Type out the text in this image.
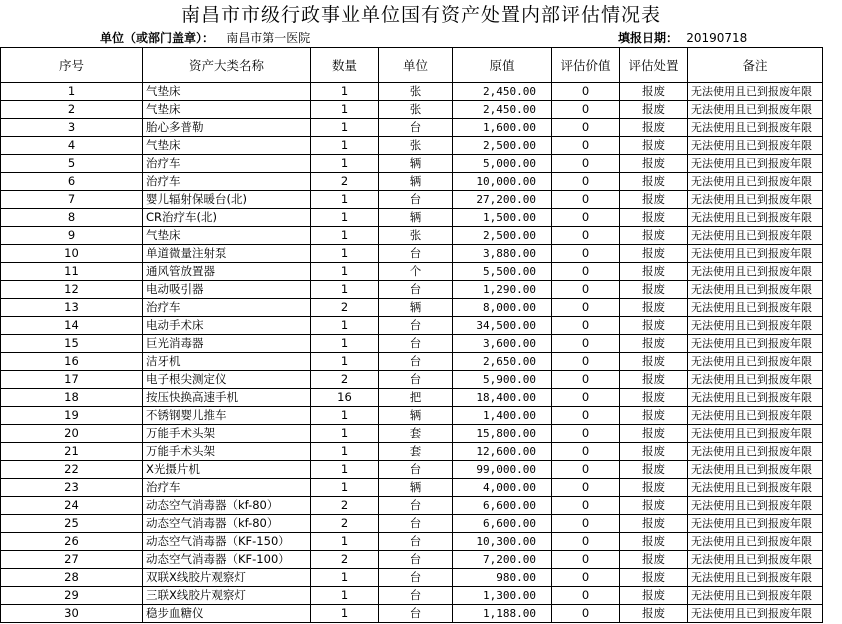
南昌市市级行政事业单位国有资产处置内部评估情况表
单位（或部门盖章）： 南昌市第一医院	填报日期： 20190718
序号	资产大类名称	数量	单位	原值	评估价值	评估处置	备注	
1	气垫床	1	张	2,450.00	0	报废	无法使用且已到报废年限	
2	气垫床	1	张	2,450.00	0	报废	无法使用且已到报废年限	
3	胎心多普勒	1	台	1,600.00	0	报废	无法使用且已到报废年限	
4	气垫床	1	张	2,500.00	0	报废	无法使用且已到报废年限	
5	治疗车	1	辆	5,000.00	0	报废	无法使用且已到报废年限	
6	治疗车	2	辆	10,000.00	0	报废	无法使用且已到报废年限	
7	婴儿辐射保暖台(北)	1	台	27,200.00	0	报废	无法使用且已到报废年限	
8	CR治疗车(北)	1	辆	1,500.00	0	报废	无法使用且已到报废年限	
9	气垫床	1	张	2,500.00	0	报废	无法使用且已到报废年限	
10	单道微量注射泵	1	台	3,880.00	0	报废	无法使用且已到报废年限	
11	通风管放置器	1	个	5,500.00	0	报废	无法使用且已到报废年限	
12	电动吸引器	1	台	1,290.00	0	报废	无法使用且已到报废年限	
13	治疗车	2	辆	8,000.00	0	报废	无法使用且已到报废年限	
14	电动手术床	1	台	34,500.00	0	报废	无法使用且已到报废年限	
15	巨光消毒器	1	台	3,600.00	0	报废	无法使用且已到报废年限	
16	洁牙机	1	台	2,650.00	0	报废	无法使用且已到报废年限	
17	电子根尖测定仪	2	台	5,900.00	0	报废	无法使用且已到报废年限	
18	按压快换高速手机	16	把	18,400.00	0	报废	无法使用且已到报废年限	
19	不锈钢婴儿推车	1	辆	1,400.00	0	报废	无法使用且已到报废年限	
20	万能手术头架	1	套	15,800.00	0	报废	无法使用且已到报废年限	
21	万能手术头架	1	套	12,600.00	0	报废	无法使用且已到报废年限	
22	X光摄片机	1	台	99,000.00	0	报废	无法使用且已到报废年限	
23	治疗车	1	辆	4,000.00	0	报废	无法使用且已到报废年限	
24	动态空气消毒器（kf-80）	2	台	6,600.00	0	报废	无法使用且已到报废年限	
25	动态空气消毒器（kf-80）	2	台	6,600.00	0	报废	无法使用且已到报废年限	
26	动态空气消毒器（KF-150）	1	台	10,300.00	0	报废	无法使用且已到报废年限	
27	动态空气消毒器（KF-100）	2	台	7,200.00	0	报废	无法使用且已到报废年限	
28	双联X线胶片观察灯	1	台	980.00	0	报废	无法使用且已到报废年限	
29	三联X线胶片观察灯	1	台	1,300.00	0	报废	无法使用且已到报废年限	
30	稳步血糖仪	1	台	1,188.00	0	报废	无法使用且已到报废年限	
